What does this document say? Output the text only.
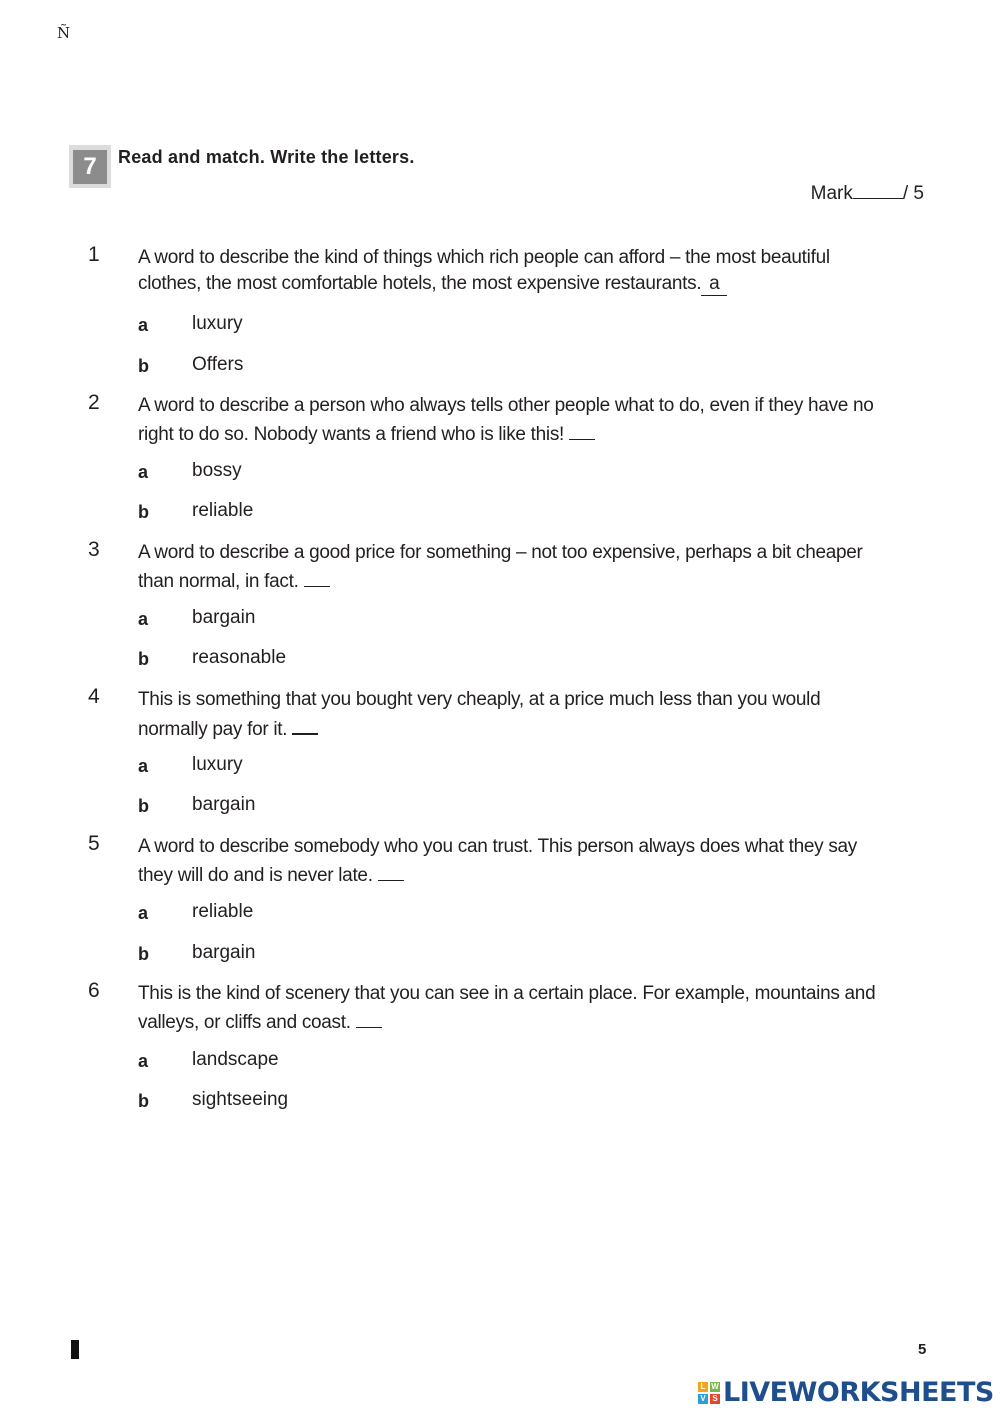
Ñ
7	Read and match. Write the letters.
Mark	/ 5
1 A word to describe the kind of things which rich people can afford – the most beautiful
clothes, the most comfortable hotels, the most expensive restaurants. a
a luxury
b Offers
2 A word to describe a person who always tells other people what to do, even if they have no
right to do so. Nobody wants a friend who is like this!
a bossy
b reliable
3 A word to describe a good price for something – not too expensive, perhaps a bit cheaper
than normal, in fact.
a bargain
b reasonable
4 This is something that you bought very cheaply, at a price much less than you would
normally pay for it.
a luxury
b bargain
5 A word to describe somebody who you can trust. This person always does what they say
they will do and is never late.
a reliable
b bargain
6 This is the kind of scenery that you can see in a certain place. For example, mountains and
valleys, or cliffs and coast.
a landscape
b sightseeing
5
L W
V S LIVEWORKSHEETS
